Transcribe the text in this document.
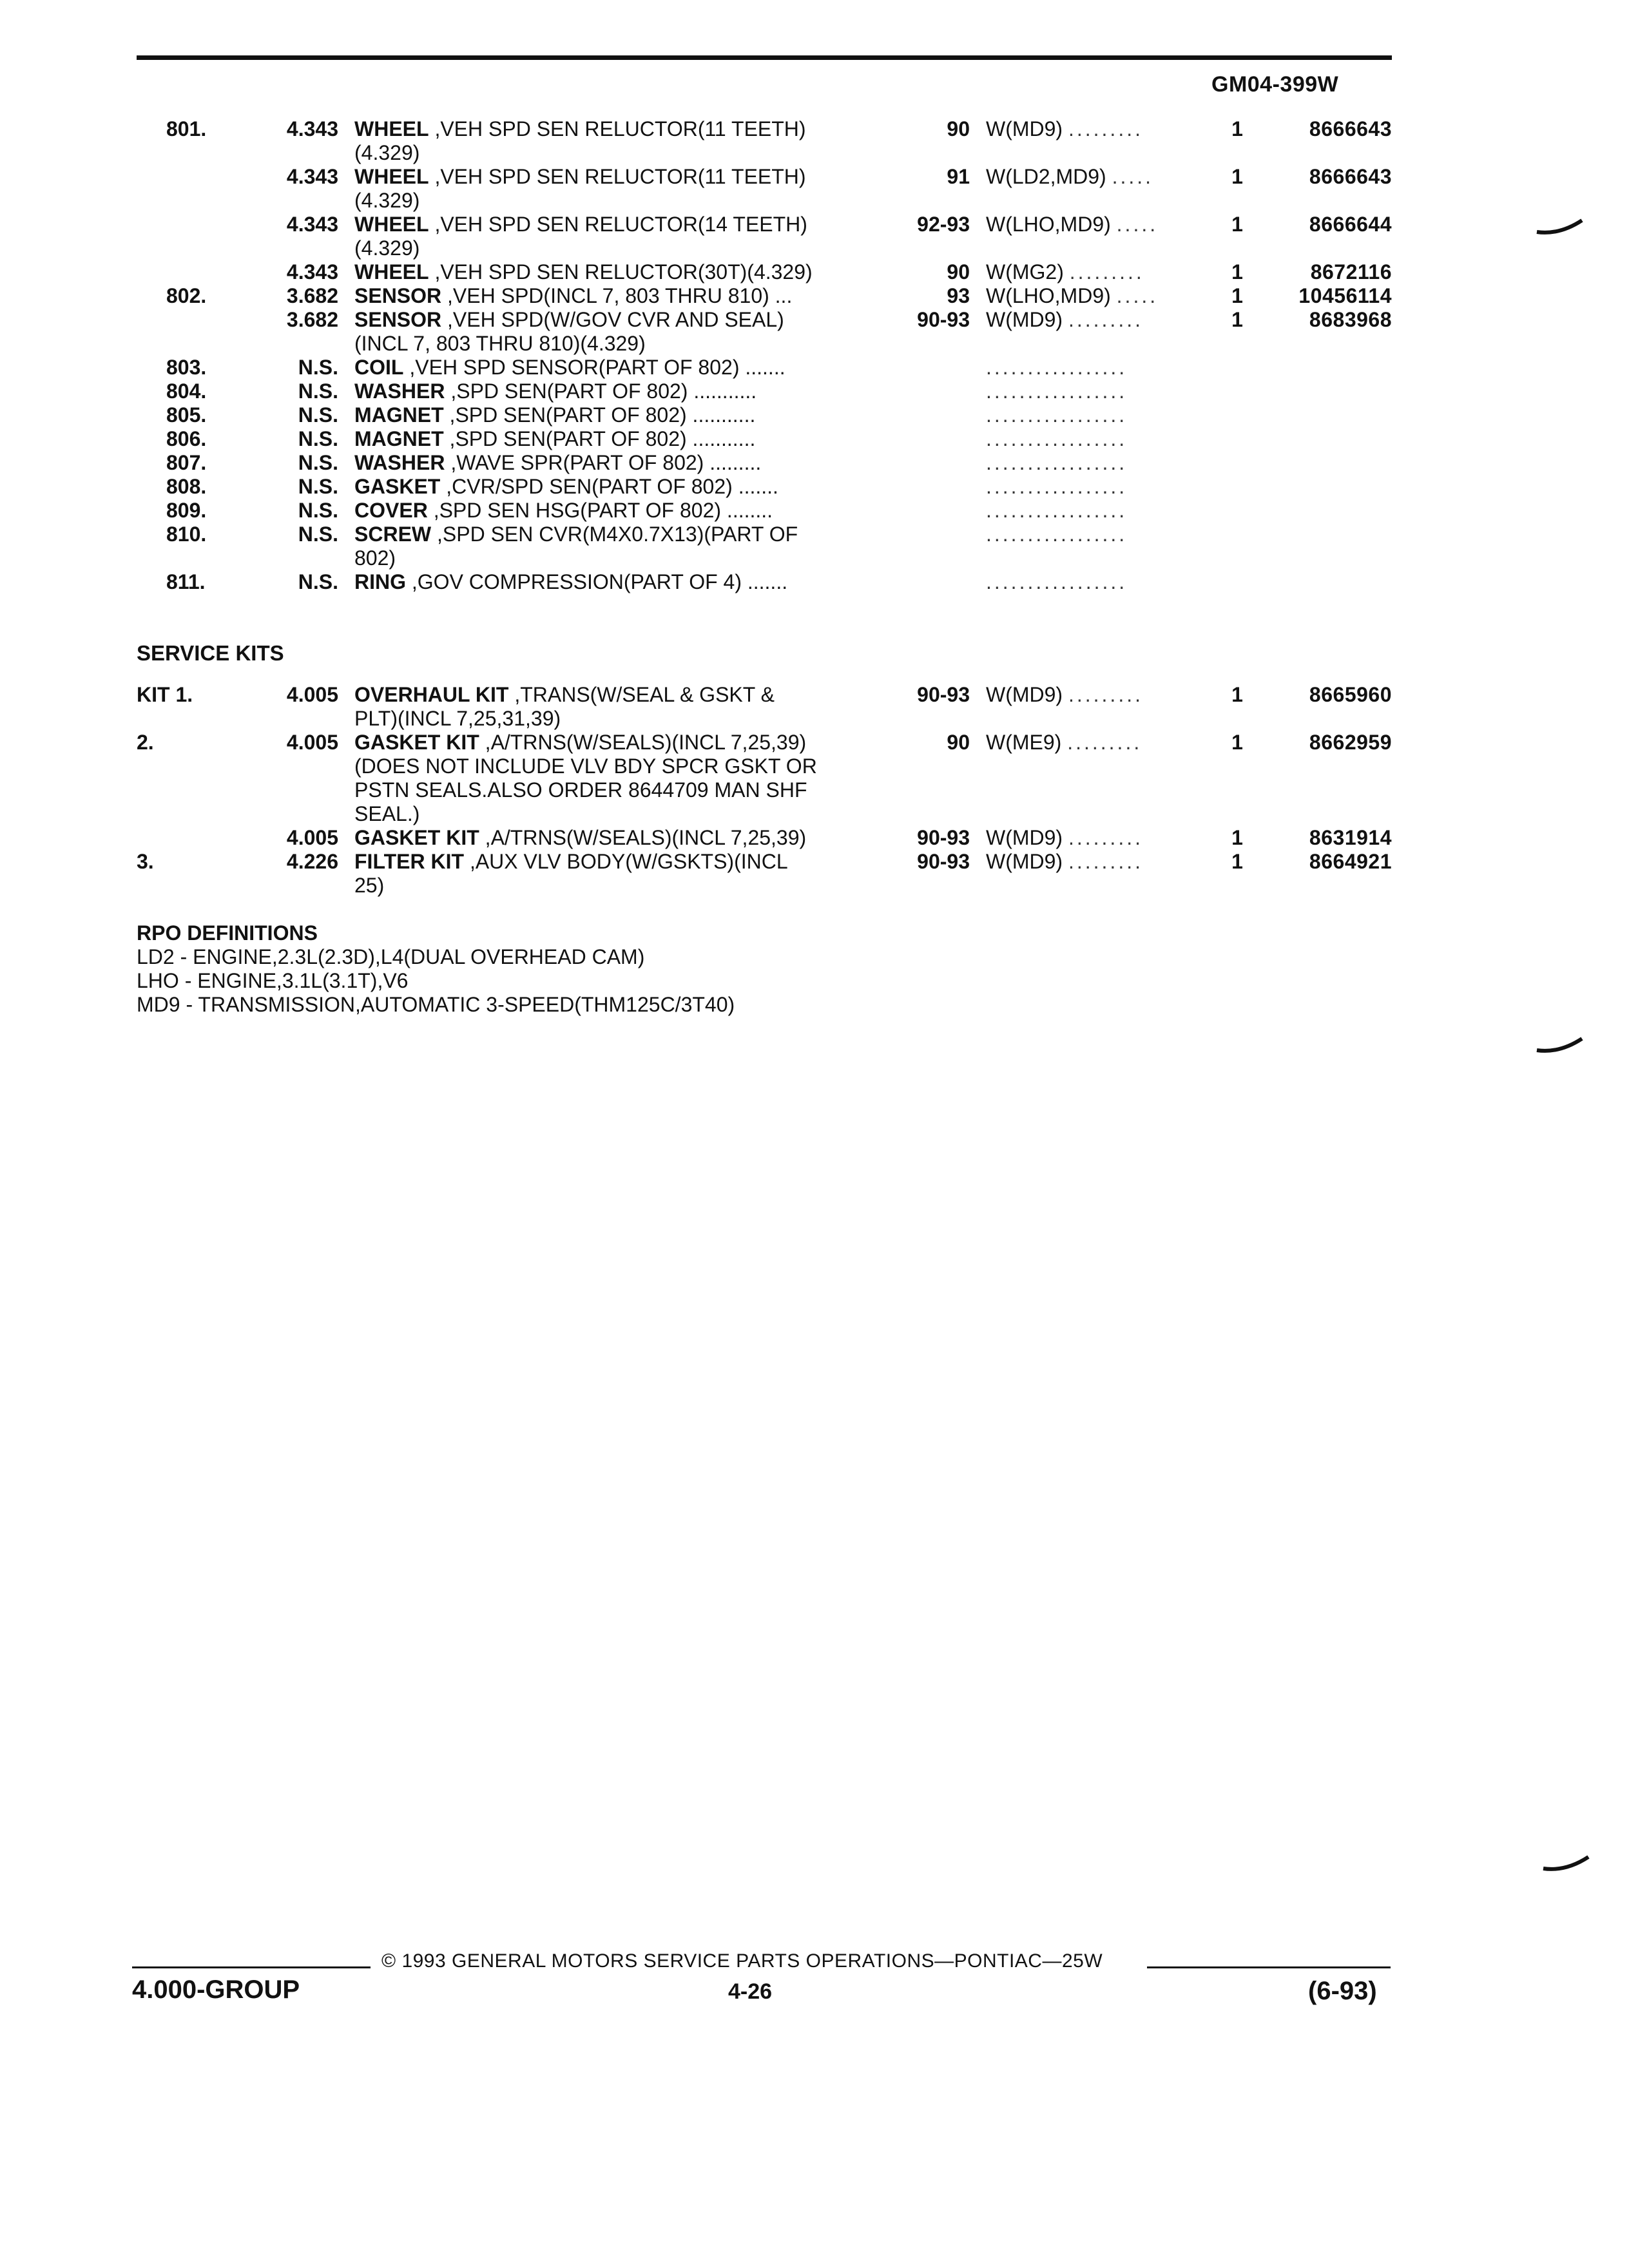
GM04-399W
801.	4.343 WHEEL ,VEH SPD SEN RELUCTOR(11 TEETH)	90 W(MD9) .........	1	8666643
(4.329)
4.343 WHEEL ,VEH SPD SEN RELUCTOR(11 TEETH)	91 W(LD2,MD9) .....	1	8666643
(4.329)
4.343 WHEEL ,VEH SPD SEN RELUCTOR(14 TEETH)	92-93 W(LHO,MD9) .....	1	8666644
(4.329)
4.343 WHEEL ,VEH SPD SEN RELUCTOR(30T)(4.329)	90 W(MG2) .........	1	8672116
802.	3.682 SENSOR ,VEH SPD(INCL 7, 803 THRU 810) ...	93 W(LHO,MD9) .....	1	10456114
3.682 SENSOR ,VEH SPD(W/GOV CVR AND SEAL)	90-93 W(MD9) .........	1	8683968
(INCL 7, 803 THRU 810)(4.329)
803.	N.S. COIL ,VEH SPD SENSOR(PART OF 802) .......	.................
804.	N.S. WASHER ,SPD SEN(PART OF 802) ...........	.................
805.	N.S. MAGNET ,SPD SEN(PART OF 802) ...........	.................
806.	N.S. MAGNET ,SPD SEN(PART OF 802) ...........	.................
807.	N.S. WASHER ,WAVE SPR(PART OF 802) .........	.................
808.	N.S. GASKET ,CVR/SPD SEN(PART OF 802) .......	.................
809.	N.S. COVER ,SPD SEN HSG(PART OF 802) ........	.................
810.	N.S. SCREW ,SPD SEN CVR(M4X0.7X13)(PART OF	.................
802)
811.	N.S. RING ,GOV COMPRESSION(PART OF 4) .......	.................
SERVICE KITS
KIT 1.	4.005 OVERHAUL KIT ,TRANS(W/SEAL & GSKT &	90-93 W(MD9) .........	1	8665960
PLT)(INCL 7,25,31,39)
2.	4.005 GASKET KIT ,A/TRNS(W/SEALS)(INCL 7,25,39)	90 W(ME9) .........	1	8662959
(DOES NOT INCLUDE VLV BDY SPCR GSKT OR
PSTN SEALS.ALSO ORDER 8644709 MAN SHF
SEAL.)
4.005 GASKET KIT ,A/TRNS(W/SEALS)(INCL 7,25,39)	90-93 W(MD9) .........	1	8631914
3.	4.226 FILTER KIT ,AUX VLV BODY(W/GSKTS)(INCL	90-93 W(MD9) .........	1	8664921
25)
RPO DEFINITIONS
LD2 - ENGINE,2.3L(2.3D),L4(DUAL OVERHEAD CAM)
LHO - ENGINE,3.1L(3.1T),V6
MD9 - TRANSMISSION,AUTOMATIC 3-SPEED(THM125C/3T40)
© 1993 GENERAL MOTORS SERVICE PARTS OPERATIONS—PONTIAC—25W
4.000-GROUP	4-26	(6-93)
